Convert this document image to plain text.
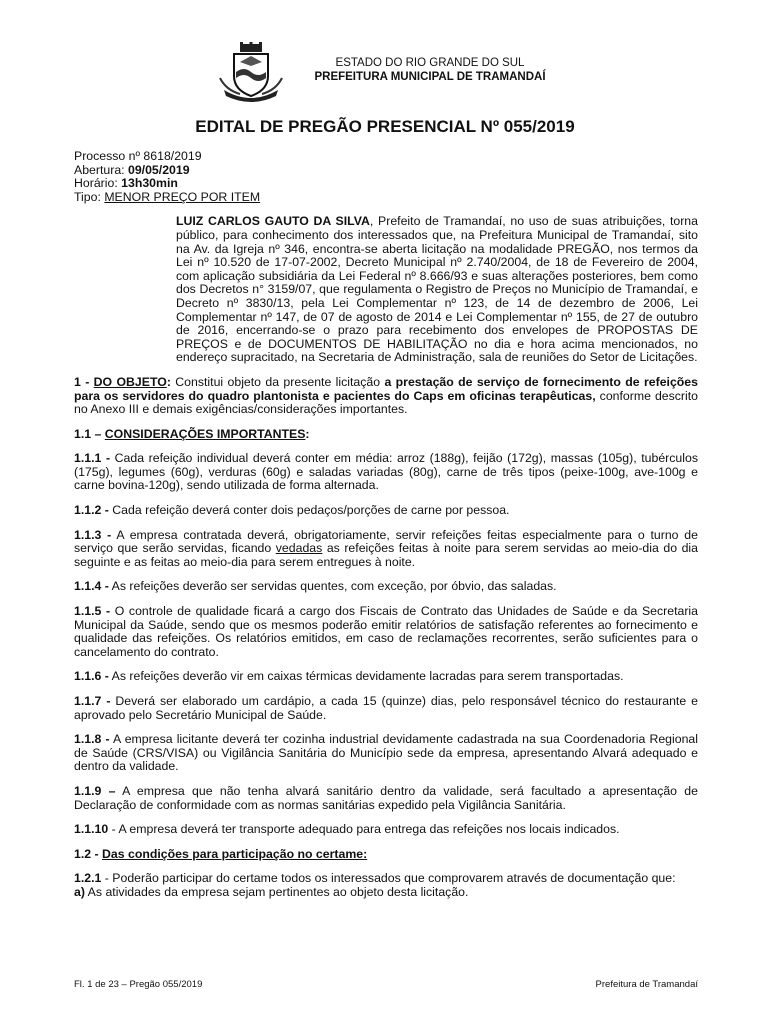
ESTADO DO RIO GRANDE DO SUL
PREFEITURA MUNICIPAL DE TRAMANDAÍ
EDITAL DE PREGÃO PRESENCIAL Nº 055/2019
Processo nº 8618/2019
Abertura: 09/05/2019
Horário: 13h30min
Tipo: MENOR PREÇO POR ITEM

LUIZ CARLOS GAUTO DA SILVA, Prefeito de Tramandaí, no uso de suas atribuições, torna público, para conhecimento dos interessados que, na Prefeitura Municipal de Tramandaí, sito na Av. da Igreja nº 346, encontra-se aberta licitação na modalidade PREGÃO, nos termos da Lei nº 10.520 de 17-07-2002, Decreto Municipal nº 2.740/2004, de 18 de Fevereiro de 2004, com aplicação subsidiária da Lei Federal nº 8.666/93 e suas alterações posteriores, bem como dos Decretos n° 3159/07, que regulamenta o Registro de Preços no Município de Tramandaí, e Decreto nº 3830/13, pela Lei Complementar nº 123, de 14 de dezembro de 2006, Lei Complementar nº 147, de 07 de agosto de 2014 e Lei Complementar nº 155, de 27 de outubro de 2016, encerrando-se o prazo para recebimento dos envelopes de PROPOSTAS DE PREÇOS e de DOCUMENTOS DE HABILITAÇÃO no dia e hora acima mencionados, no endereço supracitado, na Secretaria de Administração, sala de reuniões do Setor de Licitações.

1 - DO OBJETO: Constitui objeto da presente licitação a prestação de serviço de fornecimento de refeições para os servidores do quadro plantonista e pacientes do Caps em oficinas terapêuticas, conforme descrito no Anexo III e demais exigências/considerações importantes.

1.1 – CONSIDERAÇÕES IMPORTANTES:

1.1.1 - Cada refeição individual deverá conter em média: arroz (188g), feijão (172g), massas (105g), tubérculos (175g), legumes (60g), verduras (60g) e saladas variadas (80g), carne de três tipos (peixe-100g, ave-100g e carne bovina-120g), sendo utilizada de forma alternada.

1.1.2 - Cada refeição deverá conter dois pedaços/porções de carne por pessoa.

1.1.3 - A empresa contratada deverá, obrigatoriamente, servir refeições feitas especialmente para o turno de serviço que serão servidas, ficando vedadas as refeições feitas à noite para serem servidas ao meio-dia do dia seguinte e as feitas ao meio-dia para serem entregues à noite.

1.1.4 - As refeições deverão ser servidas quentes, com exceção, por óbvio, das saladas.

1.1.5 - O controle de qualidade ficará a cargo dos Fiscais de Contrato das Unidades de Saúde e da Secretaria Municipal da Saúde, sendo que os mesmos poderão emitir relatórios de satisfação referentes ao fornecimento e qualidade das refeições. Os relatórios emitidos, em caso de reclamações recorrentes, serão suficientes para o cancelamento do contrato.

1.1.6 - As refeições deverão vir em caixas térmicas devidamente lacradas para serem transportadas.

1.1.7 - Deverá ser elaborado um cardápio, a cada 15 (quinze) dias, pelo responsável técnico do restaurante e aprovado pelo Secretário Municipal de Saúde.

1.1.8 - A empresa licitante deverá ter cozinha industrial devidamente cadastrada na sua Coordenadoria Regional de Saúde (CRS/VISA) ou Vigilância Sanitária do Município sede da empresa, apresentando Alvará adequado e dentro da validade.

1.1.9 – A empresa que não tenha alvará sanitário dentro da validade, será facultado a apresentação de Declaração de conformidade com as normas sanitárias expedido pela Vigilância Sanitária.

1.1.10 - A empresa deverá ter transporte adequado para entrega das refeições nos locais indicados.

1.2 - Das condições para participação no certame:

1.2.1 - Poderão participar do certame todos os interessados que comprovarem através de documentação que:

a) As atividades da empresa sejam pertinentes ao objeto desta licitação.

Fl. 1 de 23 – Pregão 055/2019	Prefeitura de Tramandaí
